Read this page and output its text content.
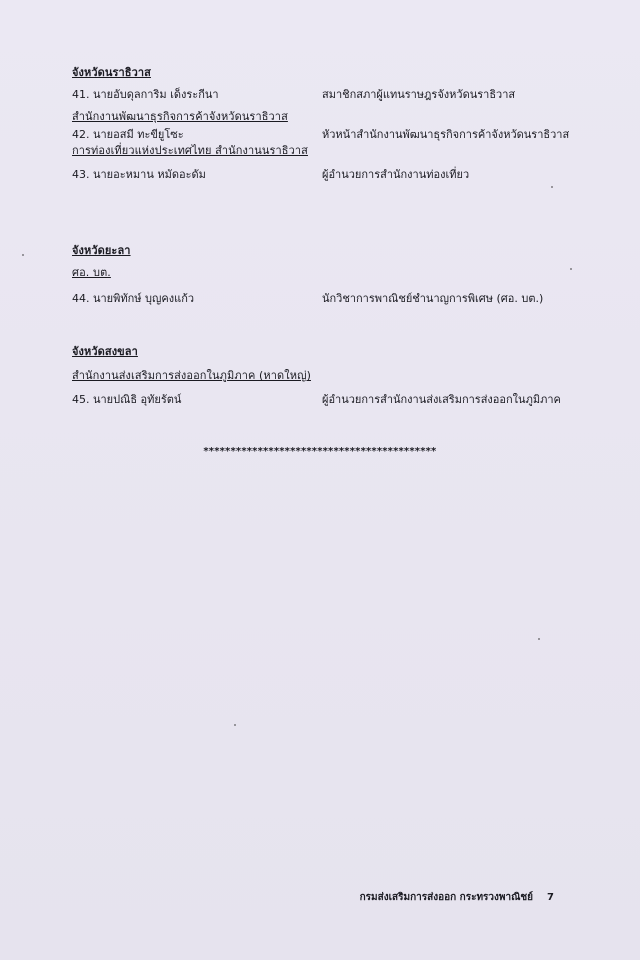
จังหวัดนราธิวาส
41. นายอับดุลการิม เด็งระกีนา	สมาชิกสภาผู้แทนราษฎรจังหวัดนราธิวาส
สำนักงานพัฒนาธุรกิจการค้าจังหวัดนราธิวาส
42. นายอสมี ทะขียูโซะ	หัวหน้าสำนักงานพัฒนาธุรกิจการค้าจังหวัดนราธิวาส
การท่องเที่ยวแห่งประเทศไทย สำนักงานนราธิวาส
43. นายอะหมาน หมัดอะดัม	ผู้อำนวยการสำนักงานท่องเที่ยว
จังหวัดยะลา
ศอ. บต.
44. นายพิทักษ์ บุญคงแก้ว	นักวิชาการพาณิชย์ชำนาญการพิเศษ (ศอ. บต.)
จังหวัดสงขลา
สำนักงานส่งเสริมการส่งออกในภูมิภาค (หาดใหญ่)
45. นายปณิธิ อุทัยรัตน์	ผู้อำนวยการสำนักงานส่งเสริมการส่งออกในภูมิภาค
*******************************************
กรมส่งเสริมการส่งออก กระทรวงพาณิชย์ 7
